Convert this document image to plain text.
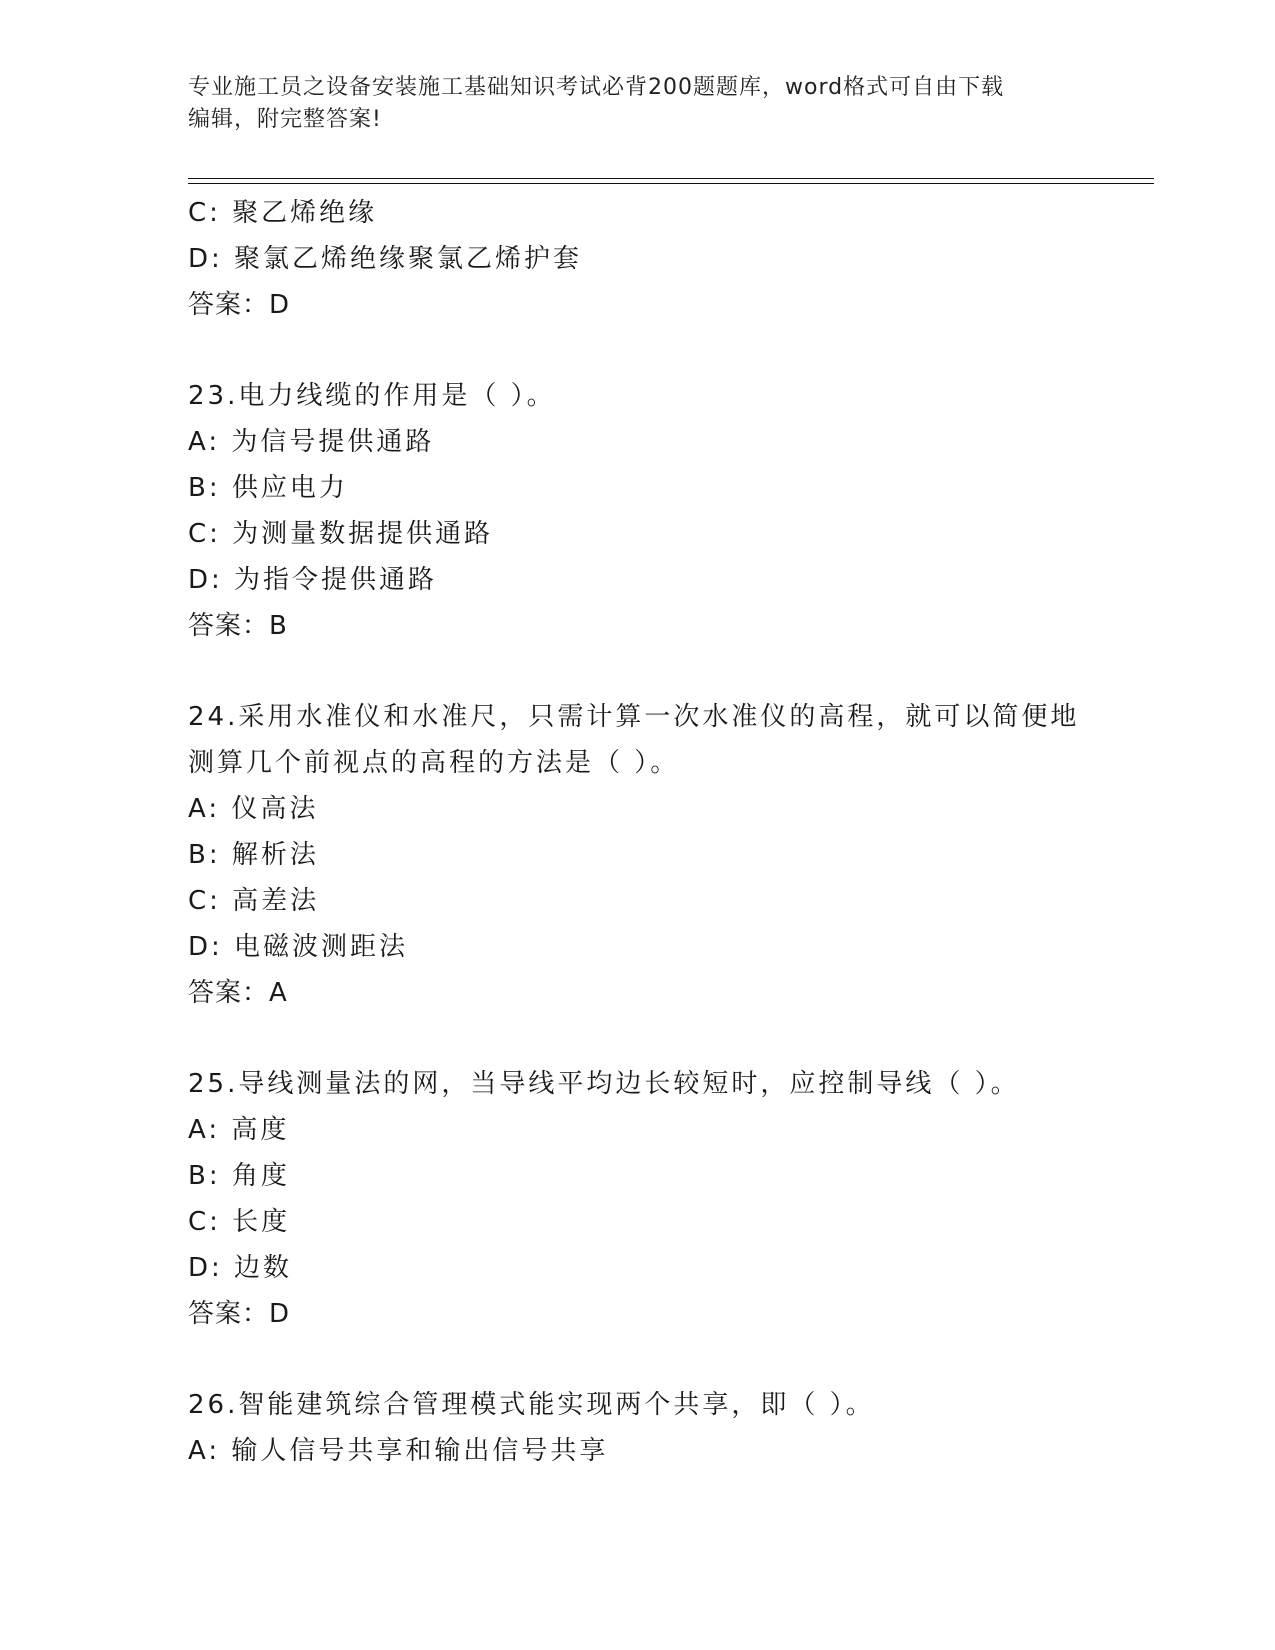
专业施工员之设备安装施工基础知识考试必背200题题库，word格式可自由下载
编辑，附完整答案!
C: 聚乙烯绝缘
D: 聚氯乙烯绝缘聚氯乙烯护套
答案：D
23.电力线缆的作用是（ ）。
A: 为信号提供通路
B: 供应电力
C: 为测量数据提供通路
D: 为指令提供通路
答案：B
24.采用水准仪和水准尺，只需计算一次水准仪的高程，就可以简便地
测算几个前视点的高程的方法是（ ）。
A: 仪高法
B: 解析法
C: 高差法
D: 电磁波测距法
答案：A
25.导线测量法的网，当导线平均边长较短时，应控制导线（ ）。
A: 高度
B: 角度
C: 长度
D: 边数
答案：D
26.智能建筑综合管理模式能实现两个共享，即（ ）。
A: 输人信号共享和输出信号共享
